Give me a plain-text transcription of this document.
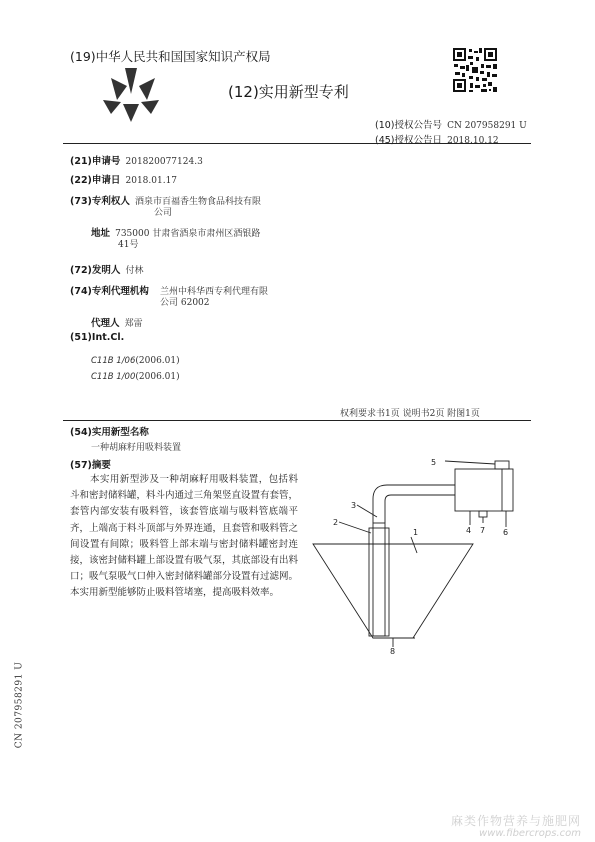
(19)中华人民共和国国家知识产权局
(12)实用新型专利
(10)授权公告号 CN 207958291 U
(45)授权公告日 2018.10.12
(21)申请号 201820077124.3
(22)申请日 2018.01.17
(73)专利权人 酒泉市百福香生物食品科技有限
公司
地址 735000 甘肃省酒泉市肃州区酒银路
41号
(72)发明人 付林
(74)专利代理机构 兰州中科华西专利代理有限
公司 62002
代理人 郑雷
(51)Int.Cl.
C11B 1/06(2006.01)
C11B 1/00(2006.01)
权利要求书1页 说明书2页 附图1页
(54)实用新型名称
一种胡麻籽用吸料装置
(57)摘要
本实用新型涉及一种胡麻籽用吸料装置，包括料斗和密封储料罐，料斗内通过三角架竖直设置有套管，套管内部安装有吸料管，该套管底端与吸料管底端平齐，上端高于料斗顶部与外界连通，且套管和吸料管之间设置有间隙；吸料管上部末端与密封储料罐密封连接，该密封储料罐上部设置有吸气泵，其底部设有出料口；吸气泵吸气口伸入密封储料罐部分设置有过滤网。本实用新型能够防止吸料管堵塞，提高吸料效率。
1
2
3
4
5
6
7
8
CN 207958291 U
麻类作物营养与施肥网
www.fibercrops.com
